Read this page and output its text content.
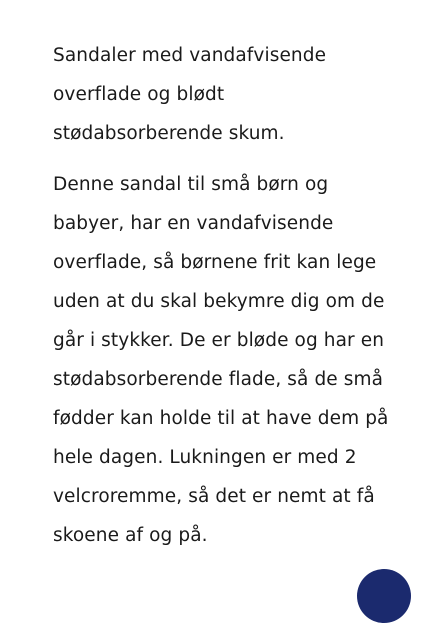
Sandaler med vandafvisende
overflade og blødt
stødabsorberende skum.

Denne sandal til små børn og
babyer, har en vandafvisende
overflade, så børnene frit kan lege
uden at du skal bekymre dig om de
går i stykker. De er bløde og har en
stødabsorberende flade, så de små
fødder kan holde til at have dem på
hele dagen. Lukningen er med 2
velcroremme, så det er nemt at få
skoene af og på.
